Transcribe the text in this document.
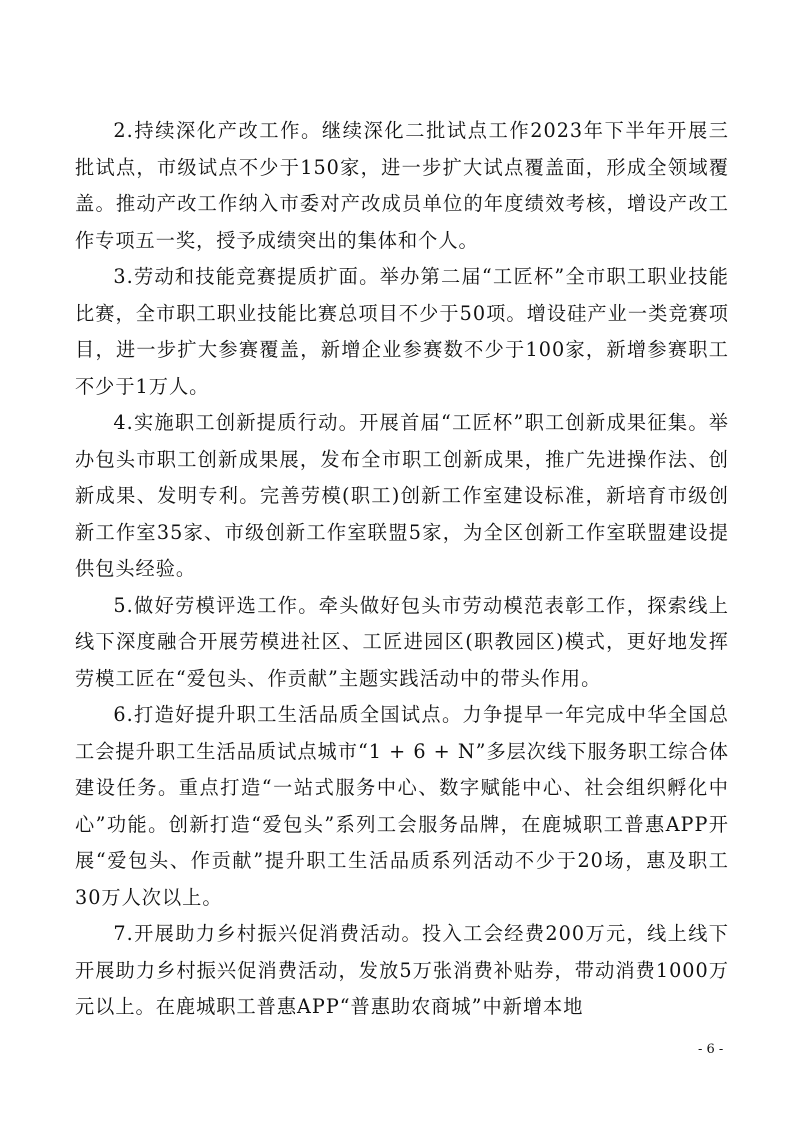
2.持续深化产改工作。继续深化二批试点工作2023年下半年开展三批试点，市级试点不少于150家，进一步扩大试点覆盖面，形成全领域覆盖。推动产改工作纳入市委对产改成员单位的年度绩效考核，增设产改工作专项五一奖，授予成绩突出的集体和个人。

3.劳动和技能竞赛提质扩面。举办第二届“工匠杯”全市职工职业技能比赛，全市职工职业技能比赛总项目不少于50项。增设硅产业一类竞赛项目，进一步扩大参赛覆盖，新增企业参赛数不少于100家，新增参赛职工不少于1万人。

4.实施职工创新提质行动。开展首届“工匠杯”职工创新成果征集。举办包头市职工创新成果展，发布全市职工创新成果，推广先进操作法、创新成果、发明专利。完善劳模(职工)创新工作室建设标准，新培育市级创新工作室35家、市级创新工作室联盟5家，为全区创新工作室联盟建设提供包头经验。

5.做好劳模评选工作。牵头做好包头市劳动模范表彰工作，探索线上线下深度融合开展劳模进社区、工匠进园区(职教园区)模式，更好地发挥劳模工匠在“爱包头、作贡献”主题实践活动中的带头作用。

6.打造好提升职工生活品质全国试点。力争提早一年完成中华全国总工会提升职工生活品质试点城市“1 + 6 + N”多层次线下服务职工综合体建设任务。重点打造“一站式服务中心、数字赋能中心、社会组织孵化中心”功能。创新打造“爱包头”系列工会服务品牌，在鹿城职工普惠APP开展“爱包头、作贡献”提升职工生活品质系列活动不少于20场，惠及职工30万人次以上。

7.开展助力乡村振兴促消费活动。投入工会经费200万元，线上线下开展助力乡村振兴促消费活动，发放5万张消费补贴券，带动消费1000万元以上。在鹿城职工普惠APP“普惠助农商城”中新增本地

- 6 -
